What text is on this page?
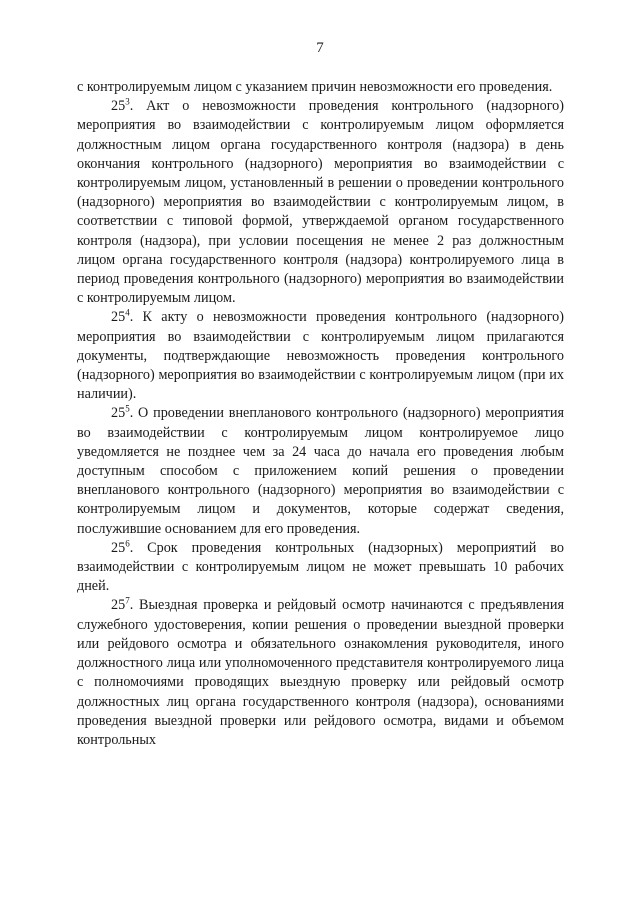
7

с контролируемым лицом с указанием причин невозможности его проведения.

$25^3$. Акт о невозможности проведения контрольного (надзорного) мероприятия во взаимодействии с контролируемым лицом оформляется должностным лицом органа государственного контроля (надзора) в день окончания контрольного (надзорного) мероприятия во взаимодействии с контролируемым лицом, установленный в решении о проведении контрольного (надзорного) мероприятия во взаимодействии с контролируемым лицом, в соответствии с типовой формой, утверждаемой органом государственного контроля (надзора), при условии посещения не менее 2 раз должностным лицом органа государственного контроля (надзора) контролируемого лица в период проведения контрольного (надзорного) мероприятия во взаимодействии с контролируемым лицом.

$25^4$. К акту о невозможности проведения контрольного (надзорного) мероприятия во взаимодействии с контролируемым лицом прилагаются документы, подтверждающие невозможность проведения контрольного (надзорного) мероприятия во взаимодействии с контролируемым лицом (при их наличии).

$25^5$. О проведении внепланового контрольного (надзорного) мероприятия во взаимодействии с контролируемым лицом контролируемое лицо уведомляется не позднее чем за 24 часа до начала его проведения любым доступным способом с приложением копий решения о проведении внепланового контрольного (надзорного) мероприятия во взаимодействии с контролируемым лицом и документов, которые содержат сведения, послужившие основанием для его проведения.

$25^6$. Срок проведения контрольных (надзорных) мероприятий во взаимодействии с контролируемым лицом не может превышать 10 рабочих дней.

$25^7$. Выездная проверка и рейдовый осмотр начинаются с предъявления служебного удостоверения, копии решения о проведении выездной проверки или рейдового осмотра и обязательного ознакомления руководителя, иного должностного лица или уполномоченного представителя контролируемого лица с полномочиями проводящих выездную проверку или рейдовый осмотр должностных лиц органа государственного контроля (надзора), основаниями проведения выездной проверки или рейдового осмотра, видами и объемом контрольных
